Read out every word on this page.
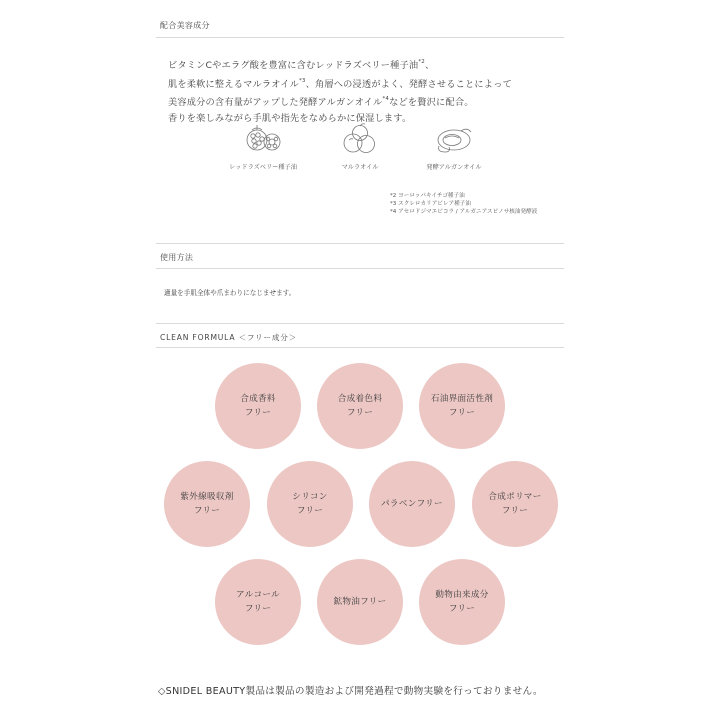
配合美容成分

ビタミンCやエラグ酸を豊富に含むレッドラズベリー種子油$^{*2}$、

肌を柔軟に整えるマルラオイル$^{*3}$、角層への浸透がよく、発酵させることによって

美容成分の含有量がアップした発酵アルガンオイル$^{*4}$などを贅沢に配合。

香りを楽しみながら手肌や指先をなめらかに保湿します。

レッドラズベリー種子油	マルラオイル	発酵アルガンオイル
*2 ヨーロッパキイチゴ種子油
*3 スクレロカリアビレア種子油
*4 アセロドジマエビコラ / アルガニアスピノサ核油発酵液
使用方法
適量を手肌全体や爪まわりになじませます。
CLEAN FORMULA ＜フリー成分＞
合成香料
フリー
合成着色料
フリー
石油界面活性剤
フリー
紫外線吸収剤
フリー
シリコン
フリー
パラベンフリー
合成ポリマー
フリー
アルコール
フリー
鉱物油フリー
動物由来成分
フリー
◇SNIDEL BEAUTY製品は製品の製造および開発過程で動物実験を行っておりません。
